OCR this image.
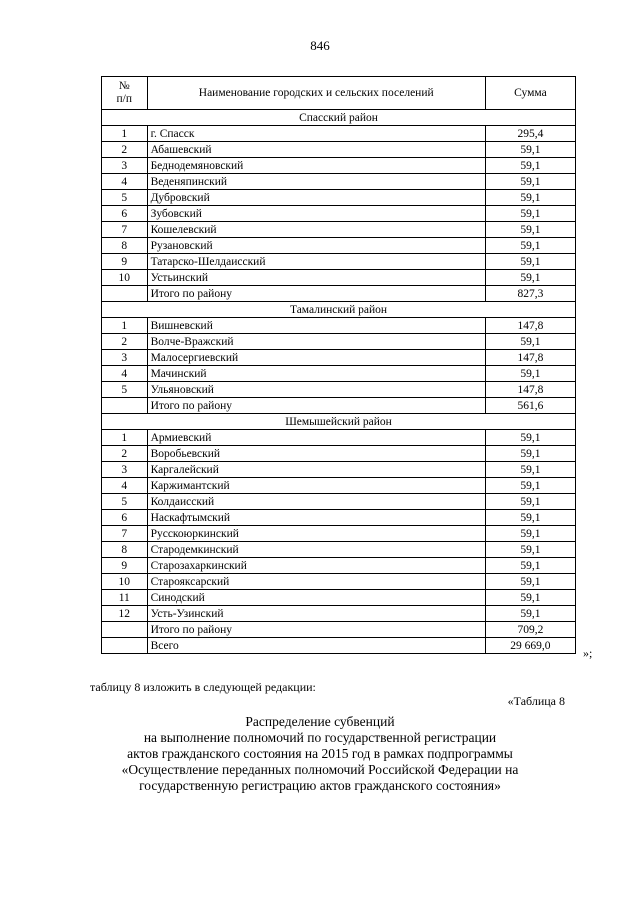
846
№
п/п	Наименование городских и сельских поселений	Сумма
Спасский район		
1	г. Спасск	295,4
2	Абашевский	59,1
3	Беднодемяновский	59,1
4	Веденяпинский	59,1
5	Дубровский	59,1
6	Зубовский	59,1
7	Кошелевский	59,1
8	Рузановский	59,1
9	Татарско-Шелдаисский	59,1
10	Устьинский	59,1
	Итого по району	827,3
Тамалинский район		
1	Вишневский	147,8
2	Волче-Вражский	59,1
3	Малосергиевский	147,8
4	Мачинский	59,1
5	Ульяновский	147,8
	Итого по району	561,6
Шемышейский район		
1	Армиевский	59,1
2	Воробьевский	59,1
3	Каргалейский	59,1
4	Каржимантский	59,1
5	Колдаисский	59,1
6	Наскафтымский	59,1
7	Русскоюркинский	59,1
8	Стародемкинский	59,1
9	Старозахаркинский	59,1
10	Старояксарский	59,1
11	Синодский	59,1
12	Усть-Узинский	59,1
	Итого по району	709,2
	Всего	29 669,0
»;
таблицу 8 изложить в следующей редакции:
«Таблица 8
Распределение субвенций
на выполнение полномочий по государственной регистрации
актов гражданского состояния на 2015 год в рамках подпрограммы
«Осуществление переданных полномочий Российской Федерации на
государственную регистрацию актов гражданского состояния»
